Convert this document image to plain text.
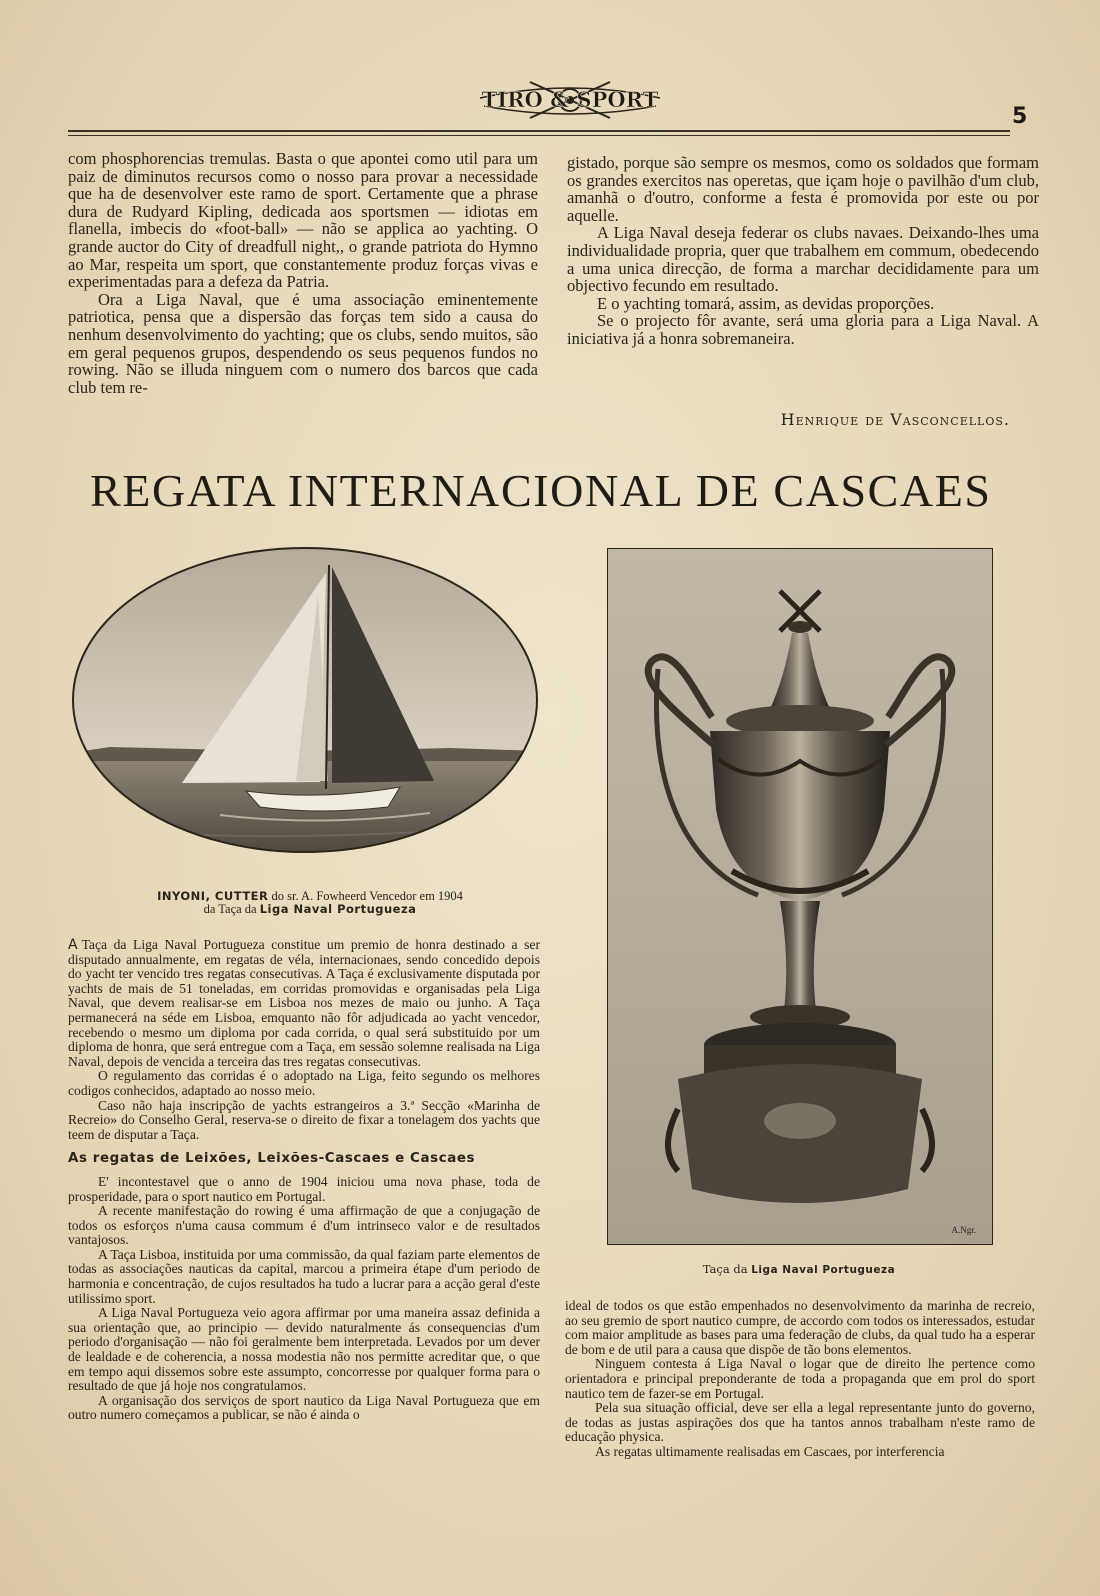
TIRO & SPORT
5

com phosphorencias tremulas. Basta o que apontei como util para um paiz de diminutos recursos como o nosso para provar a necessidade que ha de desenvolver este ramo de sport. Certamente que a phrase dura de Rudyard Kipling, dedicada aos sportsmen — idiotas em flanella, imbecis do «foot-ball» — não se applica ao yachting. O grande auctor do City of dreadfull night,, o grande patriota do Hymno ao Mar, respeita um sport, que constantemente produz forças vivas e experimentadas para a defeza da Patria.

Ora a Liga Naval, que é uma associação eminentemente patriotica, pensa que a dispersão das forças tem sido a causa do nenhum desenvolvimento do yachting; que os clubs, sendo muitos, são em geral pequenos grupos, despendendo os seus pequenos fundos no rowing. Não se illuda ninguem com o numero dos barcos que cada club tem re-

gistado, porque são sempre os mesmos, como os soldados que formam os grandes exercitos nas operetas, que içam hoje o pavilhão d'um club, amanhã o d'outro, conforme a festa é promovida por este ou por aquelle.

A Liga Naval deseja federar os clubs navaes. Deixando-lhes uma individualidade propria, quer que trabalhem em commum, obedecendo a uma unica direcção, de forma a marchar decididamente para um objectivo fecundo em resultado.

E o yachting tomará, assim, as devidas proporções.

Se o projecto fôr avante, será uma gloria para a Liga Naval. A iniciativa já a honra sobremaneira.

Henrique de Vasconcellos.
REGATA INTERNACIONAL DE CASCAES
INYONI, CUTTER do sr. A. Fowheerd Vencedor em 1904
da Taça da Liga Naval Portugueza
A.Ngr.
Taça da Liga Naval Portugueza

A Taça da Liga Naval Portugueza constitue um premio de honra destinado a ser disputado annualmente, em regatas de véla, internacionaes, sendo concedido depois do yacht ter vencido tres regatas consecutivas. A Taça é exclusivamente disputada por yachts de mais de 51 toneladas, em corridas promovidas e organisadas pela Liga Naval, que devem realisar-se em Lisboa nos mezes de maio ou junho. A Taça permanecerá na séde em Lisboa, emquanto não fôr adjudicada ao yacht vencedor, recebendo o mesmo um diploma por cada corrida, o qual será substituido por um diploma de honra, que será entregue com a Taça, em sessão solemne realisada na Liga Naval, depois de vencida a terceira das tres regatas consecutivas.

O regulamento das corridas é o adoptado na Liga, feito segundo os melhores codigos conhecidos, adaptado ao nosso meio.

Caso não haja inscripção de yachts estrangeiros a 3.ª Secção «Marinha de Recreio» do Conselho Geral, reserva-se o direito de fixar a tonelagem dos yachts que teem de disputar a Taça.

As regatas de Leixões, Leixões-Cascaes e Cascaes

E' incontestavel que o anno de 1904 iniciou uma nova phase, toda de prosperidade, para o sport nautico em Portugal.

A recente manifestação do rowing é uma affirmação de que a conjugação de todos os esforços n'uma causa commum é d'um intrinseco valor e de resultados vantajosos.

A Taça Lisboa, instituida por uma commissão, da qual faziam parte elementos de todas as associações nauticas da capital, marcou a primeira étape d'um periodo de harmonia e concentração, de cujos resultados ha tudo a lucrar para a acção geral d'este utilissimo sport.

A Liga Naval Portugueza veio agora affirmar por uma maneira assaz definida a sua orientação que, ao principio — devido naturalmente ás consequencias d'um periodo d'organisação — não foi geralmente bem interpretada. Levados por um dever de lealdade e de coherencia, a nossa modestia não nos permitte acreditar que, o que em tempo aqui dissemos sobre este assumpto, concorresse por qualquer forma para o resultado de que já hoje nos congratulamos.

A organisação dos serviços de sport nautico da Liga Naval Portugueza que em outro numero começamos a publicar, se não é ainda o

ideal de todos os que estão empenhados no desenvolvimento da marinha de recreio, ao seu gremio de sport nautico cumpre, de accordo com todos os interessados, estudar com maior amplitude as bases para uma federação de clubs, da qual tudo ha a esperar de bom e de util para a causa que dispõe de tão bons elementos.

Ninguem contesta á Liga Naval o logar que de direito lhe pertence como orientadora e principal preponderante de toda a propaganda que em prol do sport nautico tem de fazer-se em Portugal.

Pela sua situação official, deve ser ella a legal representante junto do governo, de todas as justas aspirações dos que ha tantos annos trabalham n'este ramo de educação physica.

As regatas ultimamente realisadas em Cascaes, por interferencia
